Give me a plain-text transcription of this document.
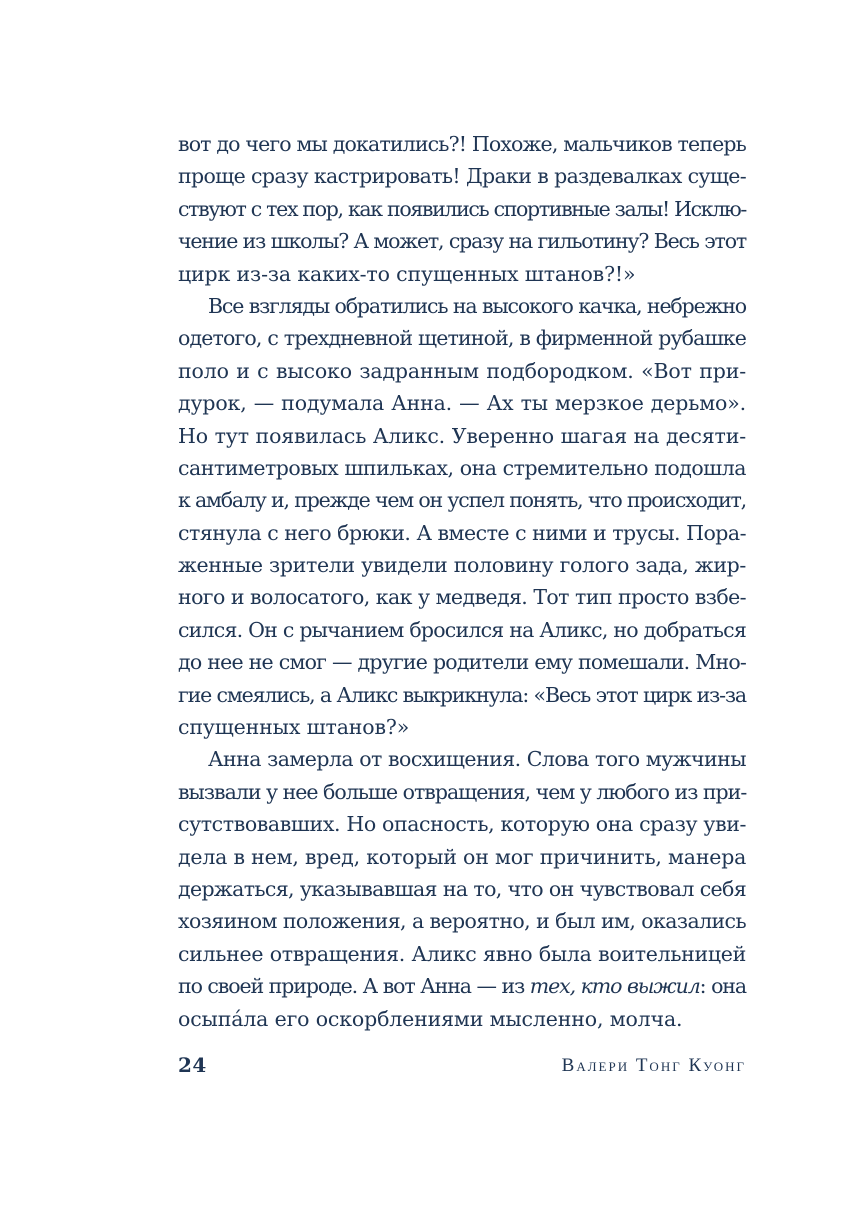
вот до чего мы докатились?! Похоже, мальчиков теперь
проще сразу кастрировать! Драки в раздевалках суще-
ствуют с тех пор, как появились спортивные залы! Исклю-
чение из школы? А может, сразу на гильотину? Весь этот
цирк из-за каких-то спущенных штанов?!»
Все взгляды обратились на высокого качка, небрежно
одетого, с трехдневной щетиной, в фирменной рубашке
поло и с высоко задранным подбородком. «Вот при-
дурок, — подумала Анна. — Ах ты мерзкое дерьмо».
Но тут появилась Аликс. Уверенно шагая на десяти-
сантиметровых шпильках, она стремительно подошла
к амбалу и, прежде чем он успел понять, что происходит,
стянула с него брюки. А вместе с ними и трусы. Пора-
женные зрители увидели половину голого зада, жир-
ного и волосатого, как у медведя. Тот тип просто взбе-
сился. Он с рычанием бросился на Аликс, но добраться
до нее не смог — другие родители ему помешали. Мно-
гие смеялись, а Аликс выкрикнула: «Весь этот цирк из-за
спущенных штанов?»
Анна замерла от восхищения. Слова того мужчины
вызвали у нее больше отвращения, чем у любого из при-
сутствовавших. Но опасность, которую она сразу уви-
дела в нем, вред, который он мог причинить, манера
держаться, указывавшая на то, что он чувствовал себя
хозяином положения, а вероятно, и был им, оказались
сильнее отвращения. Аликс явно была воительницей
по своей природе. А вот Анна — из тех, кто выжил: она
осыпáла его оскорблениями мысленно, молча.
24	Валери Тонг Куонг
